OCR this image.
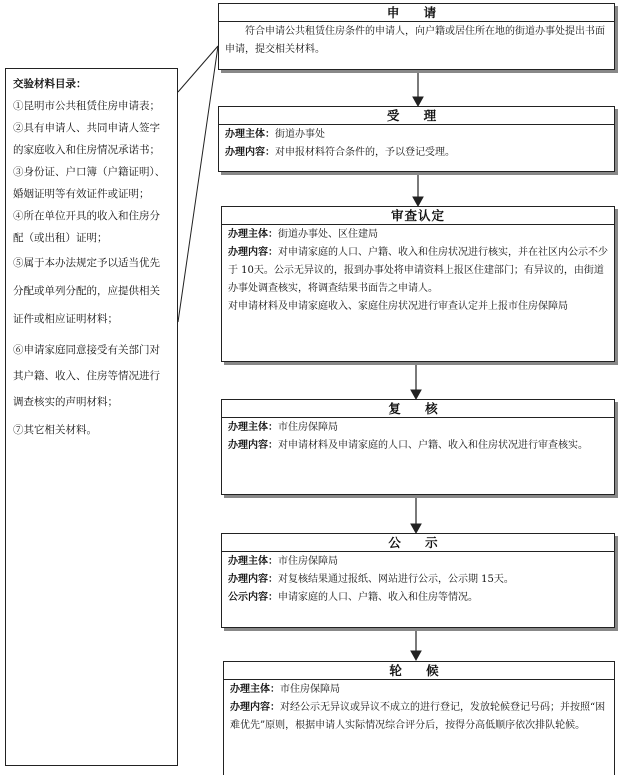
交验材料目录：

①昆明市公共租赁住房申请表；

②具有申请人、共同申请人签字的家庭收入和住房情况承诺书；

③身份证、户口簿（户籍证明）、婚姻证明等有效证件或证明；

④所在单位开具的收入和住房分配（或出租）证明；

⑤属于本办法规定予以适当优先分配或单列分配的，应提供相关证件或相应证明材料；

⑥申请家庭同意接受有关部门对其户籍、收入、住房等情况进行调查核实的声明材料；

⑦其它相关材料。

申 请
符合申请公共租赁住房条件的申请人，向户籍或居住所在地的街道办事处提出书面申请，提交相关材料。
受 理
办理主体：街道办事处
办理内容：对申报材料符合条件的，予以登记受理。
审查认定
办理主体：街道办事处、区住建局
办理内容：对申请家庭的人口、户籍、收入和住房状况进行核实，并在社区内公示不少于 10天。公示无异议的，报到办事处将申请资料上报区住建部门；有异议的，由街道办事处调查核实，将调查结果书面告之申请人。
对申请材料及申请家庭收入、家庭住房状况进行审查认定并上报市住房保障局
复 核
办理主体：市住房保障局
办理内容：对申请材料及申请家庭的人口、户籍、收入和住房状况进行审查核实。
公 示
办理主体：市住房保障局
办理内容：对复核结果通过报纸、网站进行公示，公示期 15天。
公示内容：申请家庭的人口、户籍、收入和住房等情况。
轮 候
办理主体：市住房保障局
办理内容：对经公示无异议或异议不成立的进行登记，发放轮候登记号码；并按照“困难优先”原则，根据申请人实际情况综合评分后，按得分高低顺序依次排队轮候。
